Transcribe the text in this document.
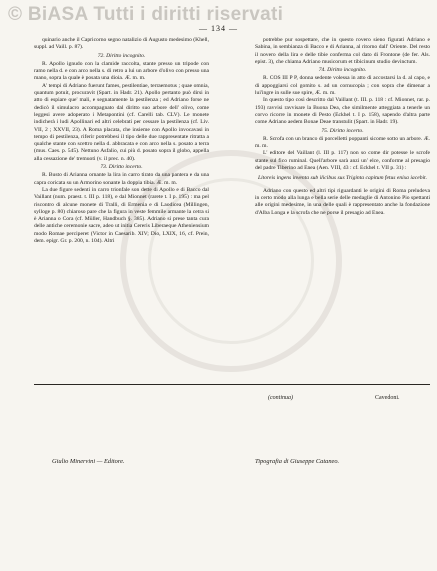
© BiASA Tutti i diritti riservati
— 134 —

quinario anche il Capricorno segno natalizio di Augusto medesimo (Khell, suppl. ad Vaill. p. 87).

72. Diritto incognito.

R. Apollo ignudo con la clamide raccolta, stante presso un tripode con ramo nella d. e con arco nella s. di retro a lui un arbore d'olivo con presso una mano, sopra la quale è posata una dioia. Æ. m. m.

A' tempi di Adriano fuerunt fames, pestilentiae, terraemotus ; quae omnia, quantum potuit, procuravit (Spart. in Hadr. 21). Apollo pertanto può dirsi in atto di espiare que' mali, e segnatamente la pestilenza ; ed Adriano forse ne dedicò il simulacro accompagnato dal diritto suo arbore dell' olivo, come leggesi avere adoperato i Metapontini (cf. Carelli tab. CLV). Le monete indicherà i ludi Apollinari ed altri celebrati per cessare la pestilenza (cf. Liv. VII, 2 ; XXVII, 23). A Roma placata, che insieme con Apollo invocavasi in tempo di pestilenza, riferir potrebbesi il tipo delle due rappresentate ritratta a qualche stante con scettro nella d. abbracata e con arco nella s. posato a terra (mus. Caes. p. 545). Nettuno Asfalio, cui più d. posato sopra il globo, appella alla cessazione de' tremuoti (v. il prec. n. 40).

73. Diritto incerto.

R. Busto di Arianna ornante la lira in carro tirato da una pantera e da una capra coricata su un Armorino sonante la doppia tibia. Æ. m. m.

La due figure sedenti in carro trionfale son dette di Apollo e di Bacco dal Vaillant (num. praest. t. III p. 118), e dal Mionnet (rarete t. I p. 195) : ma pel riscontro di alcune monete di Tralli, di Ermenia e di Laodicea (Millingen, sylloge p. 80) chiaroso pare che la figura in veste femmile armante la cetra si è Arianna o Cora (cf. Müller, Handbuch §. 385). Adriano si prese tanta cura delle antiche ceremonie sacre, adeo ut initia Cereris Liberaeque Atheniensium modo Romae perciperet (Victor in Caesarib. XIV; Dio, LXIX, 16, cf. Prein, dem. epigr. Gr. p. 200, n. 104). Altri

potrebbe pur sospettare, che in questo rovero sieno figurati Adriano e Sabina, in sembianza di Bacco e di Arianna, al ritorno dall' Oriente. Del resto il novero della lira e delle tibie conferma col dato di Frontone (de fer. Als. epist. 3), che chiama Adriano musicorum et tibicinum studio devinctum.

74. Diritto incognito.

R. COS III P P, donna sedente volessa in atto di accostarsi la d. al capo, e di appoggiarsi col gomito s. ad un cornucopia ; con sopra che dimenar a lui'ingre in sulle sue spire, Æ. m. m.

In questo tipo così descritto dal Vaillant (t. III. p. 118 : cf. Mionnet, rar. p. 193) ravvisi ravvisare la Buona Dea, che similmente atteggiata a tenerle un corvo ricorre in monete di Pesto (Eckhel t. I p. 158), sapendo d'altra parte come Adriano aedem Bonae Deae transtulit (Spart. in Hadr. 19).

75. Diritto incerto.

R. Scrofa con un branco di porcelletti poppanti sicome sotto un arbore. Æ. m. m.

L' editore del Vaillant (l. III p. 117) non so come dir potesse le scrofe stante sul fico ruminal. Quell'arbore sarà anzi un' elce, conforme al presagio del padre Tiberino ad Enea (Aen. VIII, 43 : cf. Eckhel t. VII p. 31) :

Litoreis ingens inventa sub ilicibus sus Triginta capitum fetus enixa iacebit.

Adriano con questo ed altri tipi riguardanti le origini di Roma preludeva in certo modo alla lunga e bella serie delle medaglie di Antonino Pio spettanti alle origini medesime, in una delle quali è rappresentato anche la fondazione d'Alba Longa e la scrofa che ne porse il presagio ad Enea.

(continua)	Cavedoni.
Giulio Minervini — Editore.	Tipografia di Giuseppe Cataneo.
